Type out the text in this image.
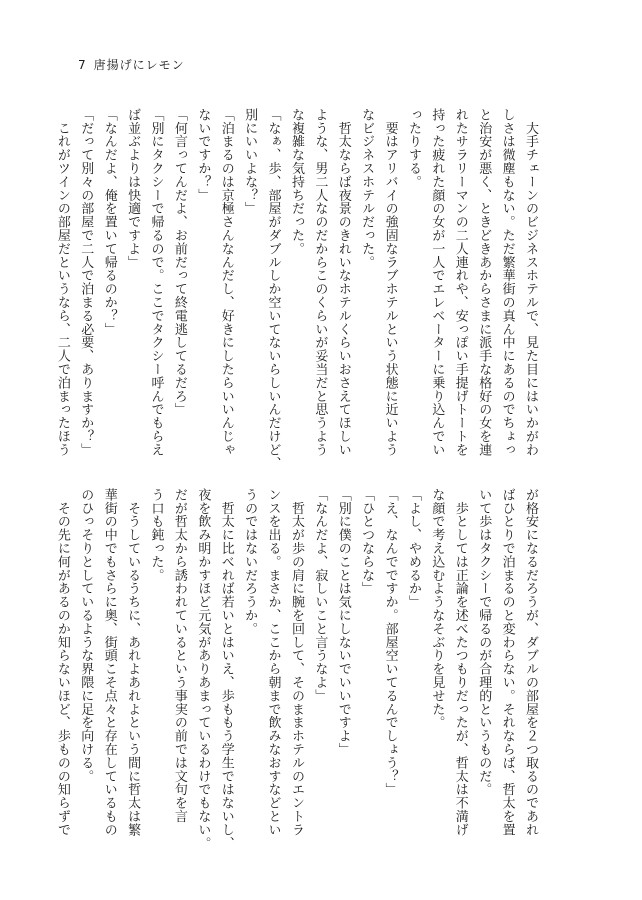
7 唐揚げにレモン
　大手チェーンのビジネスホテルで、見た目にはいかがわ
しさは微塵もない。ただ繁華街の真ん中にあるのでちょっ
と治安が悪く、ときどきあからさまに派手な格好の女を連
れたサラリーマンの二人連れや、安っぽい手提げトートを
持った疲れた顔の女が一人でエレベーターに乗り込んでい
ったりする。
　要はアリバイの強固なラブホテルという状態に近いよう
なビジネスホテルだった。
　哲太ならば夜景のきれいなホテルくらいおさえてほしい
ような、男二人なのだからこのくらいが妥当だと思うよう
な複雑な気持ちだった。
「なぁ、歩、部屋がダブルしか空いてないらしいんだけど、
別にいいよな？」
「泊まるのは京極さんなんだし、好きにしたらいいんじゃ
ないですか？」
「何言ってんだよ、お前だって終電逃してるだろ」
「別にタクシーで帰るので。ここでタクシー呼んでもらえ
ば並ぶよりは快適ですよ」
「なんだよ、俺を置いて帰るのか？」
「だって別々の部屋で二人で泊まる必要、ありますか？」
　これがツインの部屋だというなら、二人で泊まったほう
が格安になるだろうが、ダブルの部屋を２つ取るのであれ
ばひとりで泊まるのと変わらない。それならば、哲太を置
いて歩はタクシーで帰るのが合理的というものだ。
　歩としては正論を述べたつもりだったが、哲太は不満げ
な顔で考え込むようなそぶりを見せた。
「よし、やめるか」
「え、なんでですか。部屋空いてるんでしょう？」
「ひとつならな」
「別に僕のことは気にしないでいいですよ」
「なんだよ、寂しいこと言うなよ」
　哲太が歩の肩に腕を回して、そのままホテルのエントラ
ンスを出る。まさか、ここから朝まで飲みなおすなどとい
うのではないだろうか。
　哲太に比べれば若いとはいえ、歩ももう学生ではないし、
夜を飲み明かすほど元気がありあまっているわけでもない。
だが哲太から誘われているという事実の前では文句を言
う口も鈍った。
　そうしているうちに、あれよあれよという間に哲太は繁
華街の中でもさらに奥、街頭こそ点々と存在しているもの
のひっそりとしているような界隈に足を向ける。
　その先に何があるのか知らないほど、歩ものの知らずで
